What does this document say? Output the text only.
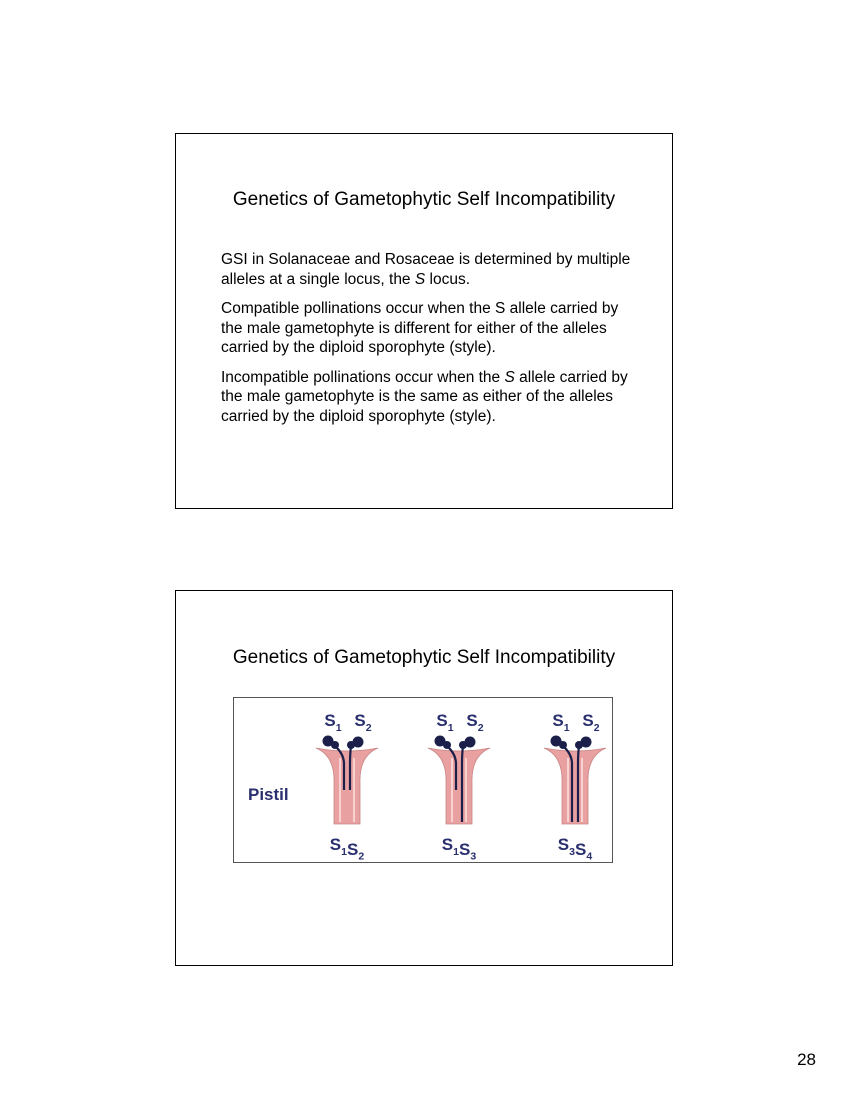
Genetics of Gametophytic Self Incompatibility

GSI in Solanaceae and Rosaceae is determined by multiple alleles at a single locus, the S locus.

Compatible pollinations occur when the S allele carried by the male gametophyte is different for either of the alleles carried by the diploid sporophyte (style).

Incompatible pollinations occur when the S allele carried by the male gametophyte is the same as either of the alleles carried by the diploid sporophyte (style).

Genetics of Gametophytic Self Incompatibility
Pistil
$S_1$ $S_2$
$S_1S_2$
$S_1$ $S_2$
$S_1S_3$
$S_1$ $S_2$
$S_3S_4$
28
